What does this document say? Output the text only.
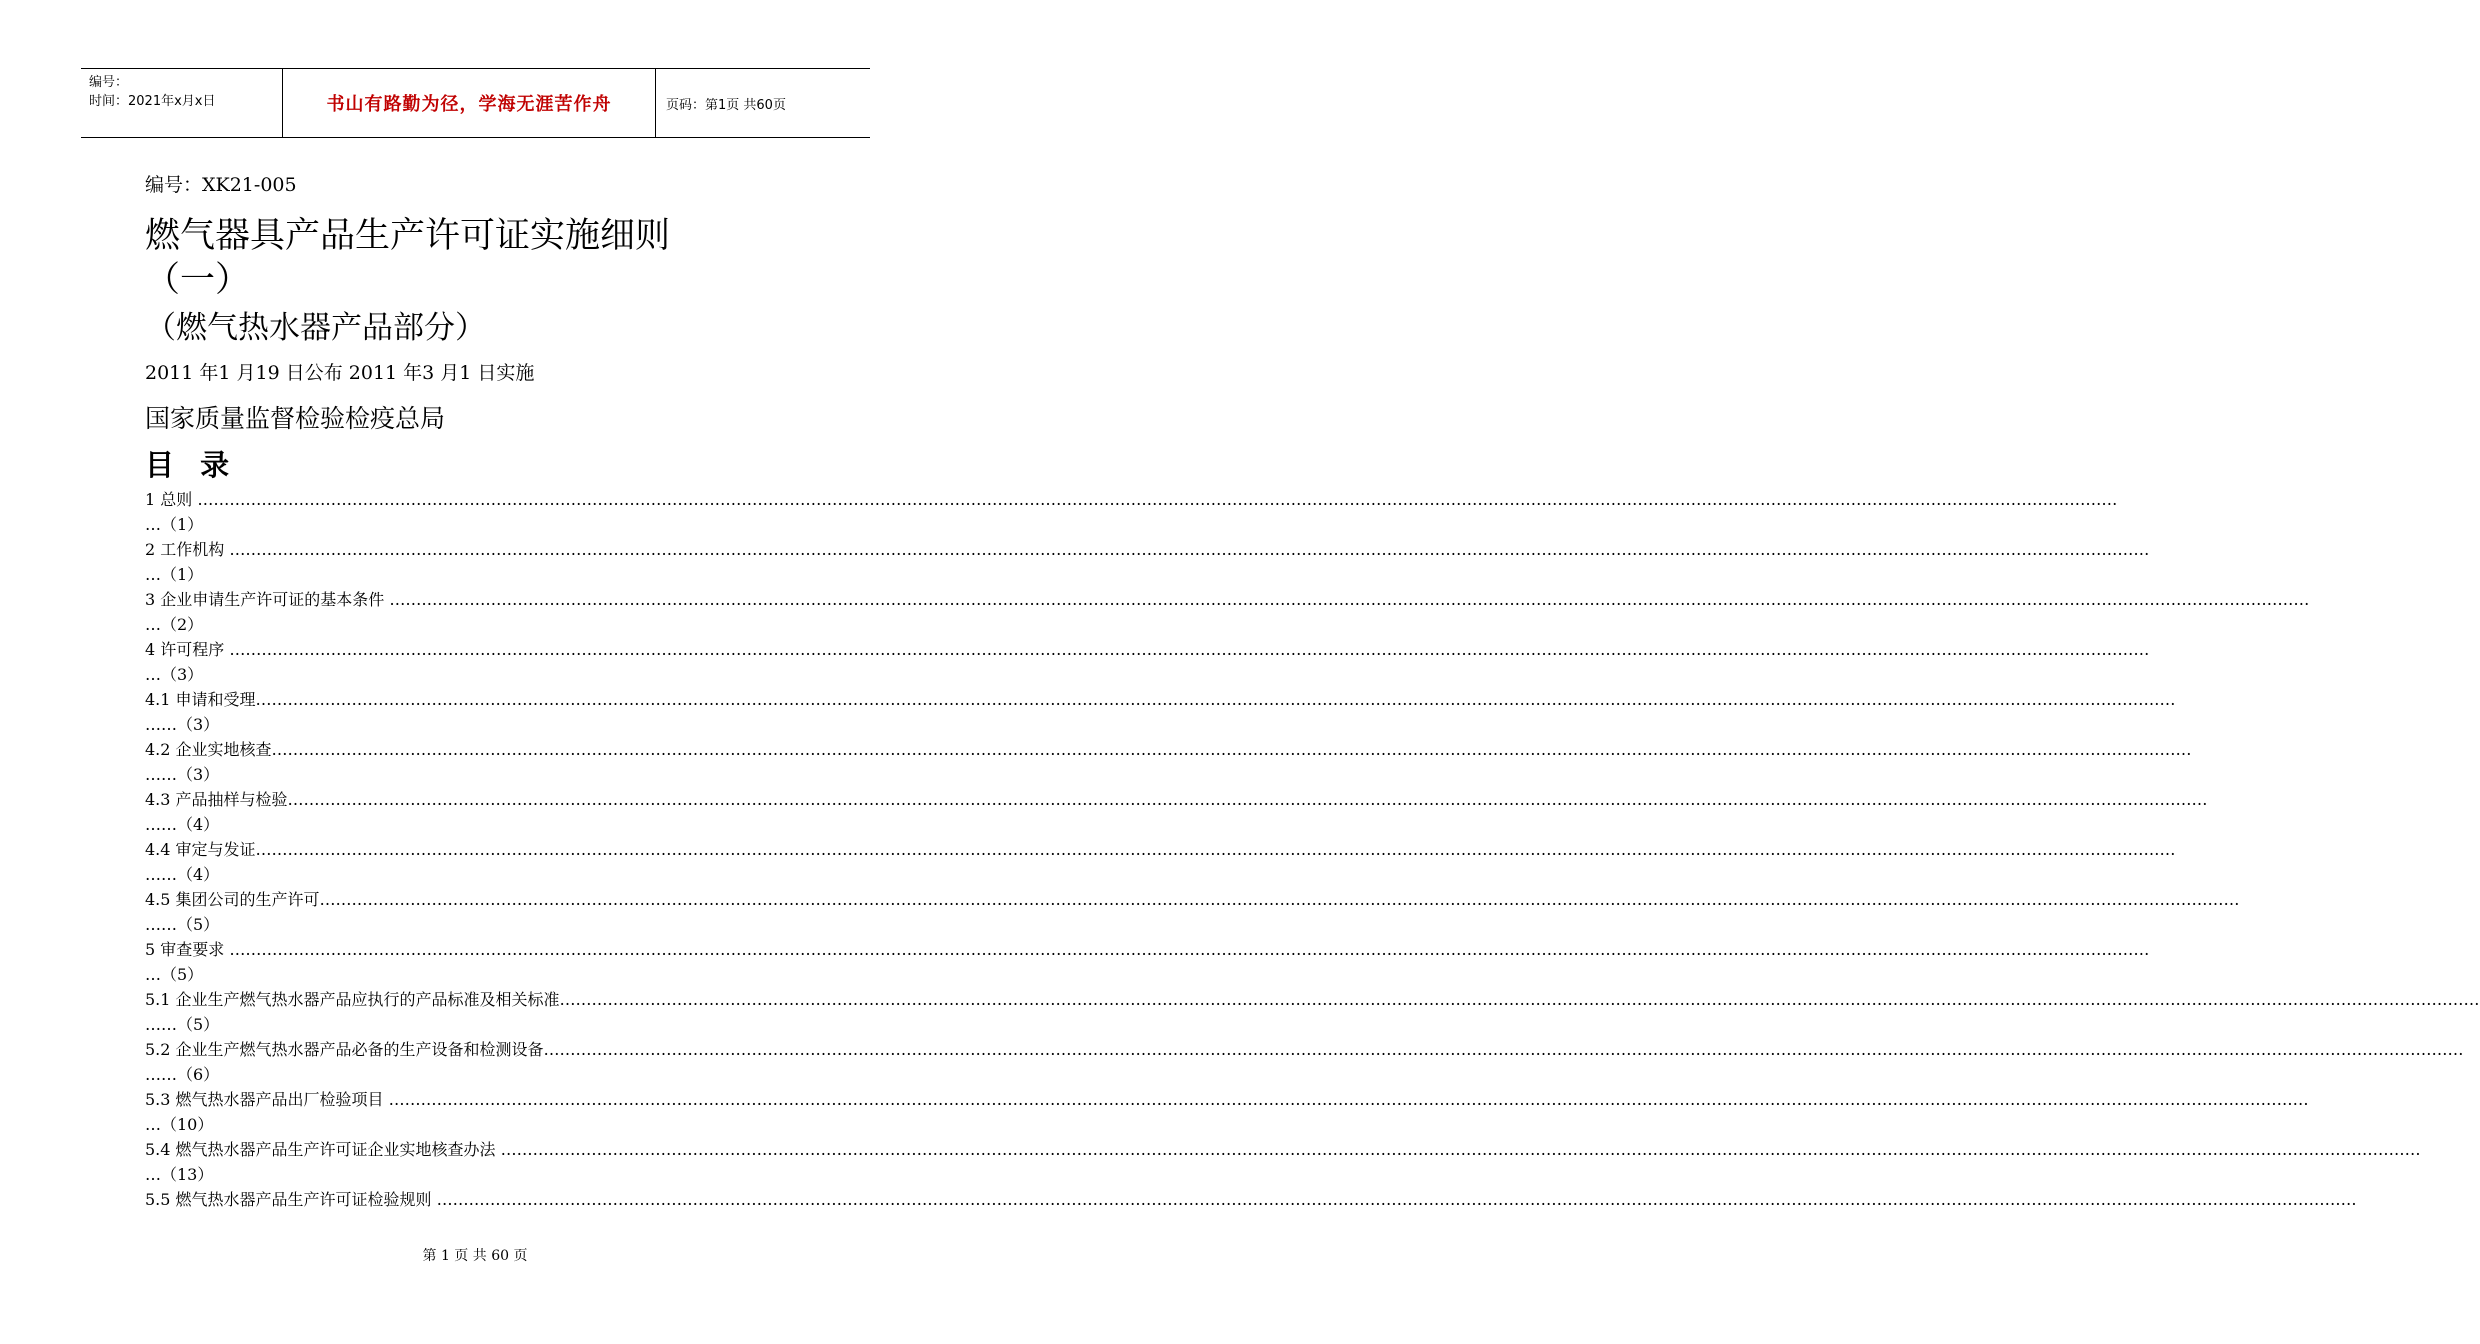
编号：
时间：2021年x月x日	书山有路勤为径，学海无涯苦作舟	页码：第1页 共60页
编号：XK21-005
燃气器具产品生产许可证实施细则
（一）
（燃气热水器产品部分）
2011 年1 月19 日公布 2011 年3 月1 日实施
国家质量监督检验检疫总局
目 录
1 总则 ………………………………………………………………………………………………………………………………………………………………………………………………………………………………………………………………………………………………………………………………
…（1）
2 工作机构 ………………………………………………………………………………………………………………………………………………………………………………………………………………………………………………………………………………………………………………………………
…（1）
3 企业申请生产许可证的基本条件 ………………………………………………………………………………………………………………………………………………………………………………………………………………………………………………………………………………………………………………………………
…（2）
4 许可程序 ………………………………………………………………………………………………………………………………………………………………………………………………………………………………………………………………………………………………………………………………
…（3）
4.1 申请和受理………………………………………………………………………………………………………………………………………………………………………………………………………………………………………………………………………………………………………………………………
……（3）
4.2 企业实地核查………………………………………………………………………………………………………………………………………………………………………………………………………………………………………………………………………………………………………………………………
……（3）
4.3 产品抽样与检验………………………………………………………………………………………………………………………………………………………………………………………………………………………………………………………………………………………………………………………………
……（4）
4.4 审定与发证………………………………………………………………………………………………………………………………………………………………………………………………………………………………………………………………………………………………………………………………
……（4）
4.5 集团公司的生产许可………………………………………………………………………………………………………………………………………………………………………………………………………………………………………………………………………………………………………………………………
……（5）
5 审查要求 ………………………………………………………………………………………………………………………………………………………………………………………………………………………………………………………………………………………………………………………………
…（5）
5.1 企业生产燃气热水器产品应执行的产品标准及相关标准………………………………………………………………………………………………………………………………………………………………………………………………………………………………………………………………………………………………………………………………
……（5）
5.2 企业生产燃气热水器产品必备的生产设备和检测设备………………………………………………………………………………………………………………………………………………………………………………………………………………………………………………………………………………………………………………………………
……（6）
5.3 燃气热水器产品出厂检验项目 ………………………………………………………………………………………………………………………………………………………………………………………………………………………………………………………………………………………………………………………………
…（10）
5.4 燃气热水器产品生产许可证企业实地核查办法 ………………………………………………………………………………………………………………………………………………………………………………………………………………………………………………………………………………………………………………………………
…（13）
5.5 燃气热水器产品生产许可证检验规则 ………………………………………………………………………………………………………………………………………………………………………………………………………………………………………………………………………………………………………………………………
第 1 页 共 60 页
